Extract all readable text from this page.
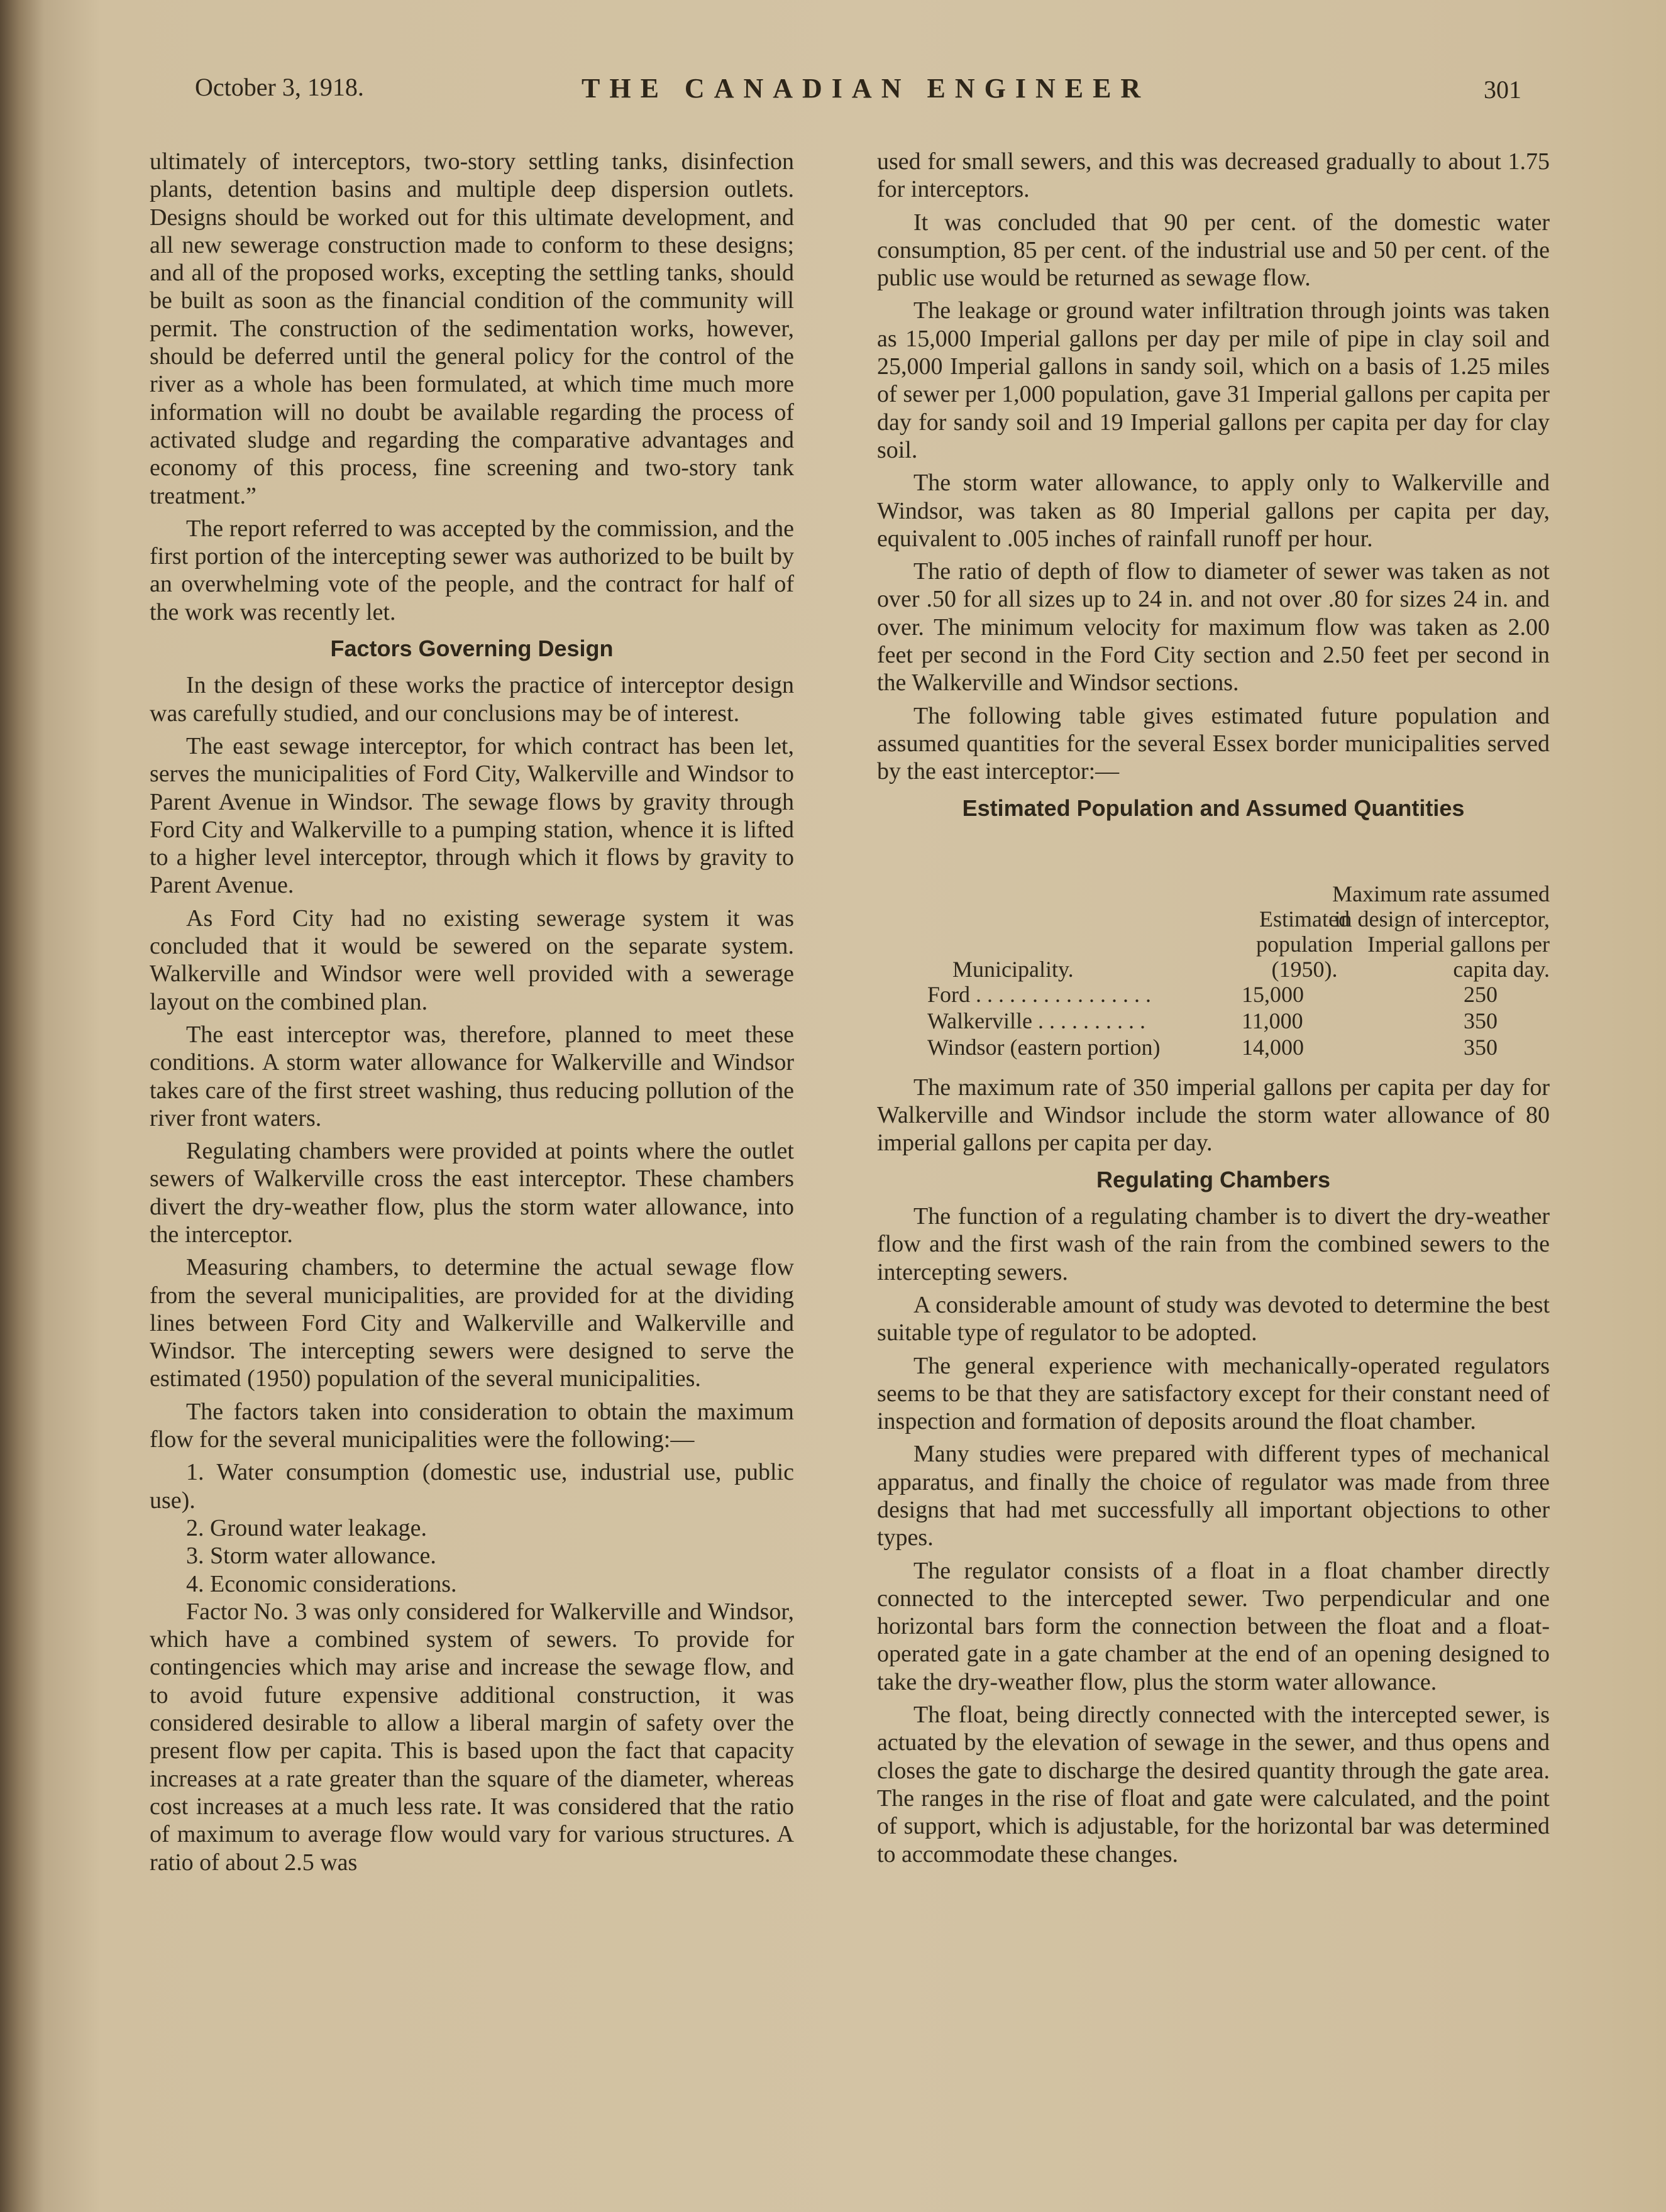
October 3, 1918.	THE CANADIAN ENGINEER	301

ultimately of interceptors, two-story settling tanks, disinfection plants, detention basins and multiple deep dispersion outlets. Designs should be worked out for this ultimate development, and all new sewerage construction made to conform to these designs; and all of the proposed works, excepting the settling tanks, should be built as soon as the financial condition of the community will permit. The construction of the sedimentation works, however, should be deferred until the general policy for the control of the river as a whole has been formulated, at which time much more information will no doubt be available regarding the process of activated sludge and regarding the comparative advantages and economy of this process, fine screening and two-story tank treatment.”

The report referred to was accepted by the commission, and the first portion of the intercepting sewer was authorized to be built by an overwhelming vote of the people, and the contract for half of the work was recently let.

Factors Governing Design

In the design of these works the practice of interceptor design was carefully studied, and our conclusions may be of interest.

The east sewage interceptor, for which contract has been let, serves the municipalities of Ford City, Walkerville and Windsor to Parent Avenue in Windsor. The sewage flows by gravity through Ford City and Walkerville to a pumping station, whence it is lifted to a higher level interceptor, through which it flows by gravity to Parent Avenue.

As Ford City had no existing sewerage system it was concluded that it would be sewered on the separate system. Walkerville and Windsor were well provided with a sewerage layout on the combined plan.

The east interceptor was, therefore, planned to meet these conditions. A storm water allowance for Walkerville and Windsor takes care of the first street washing, thus reducing pollution of the river front waters.

Regulating chambers were provided at points where the outlet sewers of Walkerville cross the east interceptor. These chambers divert the dry-weather flow, plus the storm water allowance, into the interceptor.

Measuring chambers, to determine the actual sewage flow from the several municipalities, are provided for at the dividing lines between Ford City and Walkerville and Walkerville and Windsor. The intercepting sewers were designed to serve the estimated (1950) population of the several municipalities.

The factors taken into consideration to obtain the maximum flow for the several municipalities were the following:—

1. Water consumption (domestic use, industrial use, public use).

2. Ground water leakage.

3. Storm water allowance.

4. Economic considerations.

Factor No. 3 was only considered for Walkerville and Windsor, which have a combined system of sewers. To provide for contingencies which may arise and increase the sewage flow, and to avoid future expensive additional construction, it was considered desirable to allow a liberal margin of safety over the present flow per capita. This is based upon the fact that capacity increases at a rate greater than the square of the diameter, whereas cost increases at a much less rate. It was considered that the ratio of maximum to average flow would vary for various structures. A ratio of about 2.5 was

used for small sewers, and this was decreased gradually to about 1.75 for interceptors.

It was concluded that 90 per cent. of the domestic water consumption, 85 per cent. of the industrial use and 50 per cent. of the public use would be returned as sewage flow.

The leakage or ground water infiltration through joints was taken as 15,000 Imperial gallons per day per mile of pipe in clay soil and 25,000 Imperial gallons in sandy soil, which on a basis of 1.25 miles of sewer per 1,000 population, gave 31 Imperial gallons per capita per day for sandy soil and 19 Imperial gallons per capita per day for clay soil.

The storm water allowance, to apply only to Walkerville and Windsor, was taken as 80 Imperial gallons per capita per day, equivalent to .005 inches of rainfall runoff per hour.

The ratio of depth of flow to diameter of sewer was taken as not over .50 for all sizes up to 24 in. and not over .80 for sizes 24 in. and over. The minimum velocity for maximum flow was taken as 2.00 feet per second in the Ford City section and 2.50 feet per second in the Walkerville and Windsor sections.

The following table gives estimated future population and assumed quantities for the several Essex border municipalities served by the east interceptor:—

Estimated Population and Assumed Quantities
Municipality.
Estimated population (1950).
Maximum rate assumed in design of interceptor, Imperial gallons per capita day.
Ford . . . . . . . . . . . . . . . .	15,000	250
Walkerville . . . . . . . . . .	11,000	350
Windsor (eastern portion)	14,000	350

The maximum rate of 350 imperial gallons per capita per day for Walkerville and Windsor include the storm water allowance of 80 imperial gallons per capita per day.

Regulating Chambers

The function of a regulating chamber is to divert the dry-weather flow and the first wash of the rain from the combined sewers to the intercepting sewers.

A considerable amount of study was devoted to determine the best suitable type of regulator to be adopted.

The general experience with mechanically-operated regulators seems to be that they are satisfactory except for their constant need of inspection and formation of deposits around the float chamber.

Many studies were prepared with different types of mechanical apparatus, and finally the choice of regulator was made from three designs that had met successfully all important objections to other types.

The regulator consists of a float in a float chamber directly connected to the intercepted sewer. Two perpendicular and one horizontal bars form the connection between the float and a float-operated gate in a gate chamber at the end of an opening designed to take the dry-weather flow, plus the storm water allowance.

The float, being directly connected with the intercepted sewer, is actuated by the elevation of sewage in the sewer, and thus opens and closes the gate to discharge the desired quantity through the gate area. The ranges in the rise of float and gate were calculated, and the point of support, which is adjustable, for the horizontal bar was determined to accommodate these changes.
